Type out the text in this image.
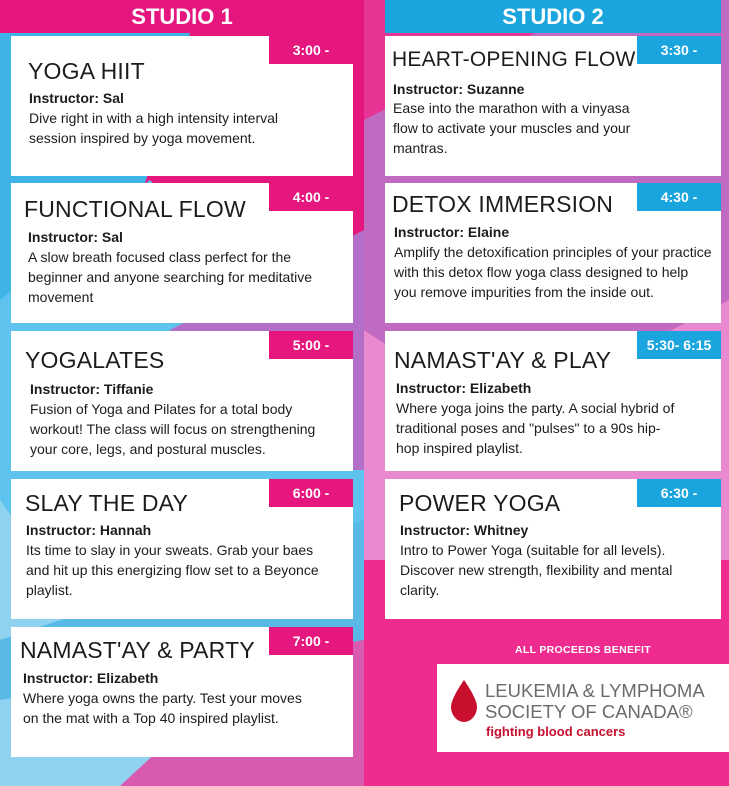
STUDIO 1	STUDIO 2
3:00 - 3:45
YOGA HIIT
Instructor: Sal
Dive right in with a high intensity interval session inspired by yoga movement.
4:00 - 4:45
FUNCTIONAL FLOW
Instructor: Sal
A slow breath focused class perfect for the beginner and anyone searching for meditative movement
5:00 - 5:45
YOGALATES
Instructor: Tiffanie
Fusion of Yoga and Pilates for a total body workout! The class will focus on strengthening your core, legs, and postural muscles.
6:00 - 6:45
SLAY THE DAY
Instructor: Hannah
Its time to slay in your sweats. Grab your baes and hit up this energizing flow set to a Beyonce playlist.
7:00 - 7:45
NAMAST'AY & PARTY
Instructor: Elizabeth
Where yoga owns the party. Test your moves on the mat with a Top 40 inspired playlist.
3:30 - 4:15
HEART-OPENING FLOW
Instructor: Suzanne
Ease into the marathon with a vinyasa flow to activate your muscles and your mantras.
4:30 - 5:15
DETOX IMMERSION
Instructor: Elaine
Amplify the detoxification principles of your practice with this detox flow yoga class designed to help you remove impurities from the inside out.
5:30- 6:15
NAMAST'AY & PLAY
Instructor: Elizabeth
Where yoga joins the party. A social hybrid of traditional poses and "pulses" to a 90s hip-hop inspired playlist.
6:30 - 7:15
POWER YOGA
Instructor: Whitney
Intro to Power Yoga (suitable for all levels). Discover new strength, flexibility and mental clarity.
ALL PROCEEDS BENEFIT
LEUKEMIA & LYMPHOMA
SOCIETY OF CANADA®
fighting blood cancers
